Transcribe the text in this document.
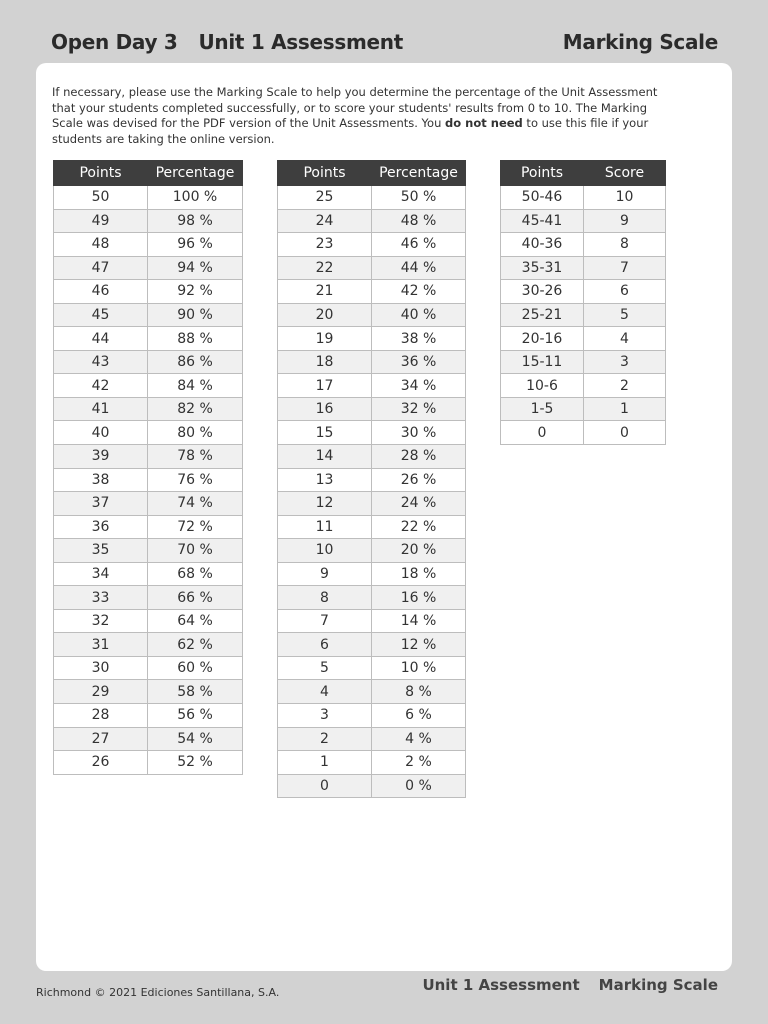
Open Day 3 Unit 1 Assessment	Marking Scale

If necessary, please use the Marking Scale to help you determine the percentage of the Unit Assessment that your students completed successfully, or to score your students' results from 0 to 10. The Marking Scale was devised for the PDF version of the Unit Assessments. You do not need to use this file if your students are taking the online version.

Points	Percentage
50	100 %
49	98 %
48	96 %
47	94 %
46	92 %
45	90 %
44	88 %
43	86 %
42	84 %
41	82 %
40	80 %
39	78 %
38	76 %
37	74 %
36	72 %
35	70 %
34	68 %
33	66 %
32	64 %
31	62 %
30	60 %
29	58 %
28	56 %
27	54 %
26	52 %
Points	Percentage
25	50 %
24	48 %
23	46 %
22	44 %
21	42 %
20	40 %
19	38 %
18	36 %
17	34 %
16	32 %
15	30 %
14	28 %
13	26 %
12	24 %
11	22 %
10	20 %
9	18 %
8	16 %
7	14 %
6	12 %
5	10 %
4	8 %
3	6 %
2	4 %
1	2 %
0	0 %
Points	Score
50-46	10
45-41	9
40-36	8
35-31	7
30-26	6
25-21	5
20-16	4
15-11	3
10-6	2
1-5	1
0	0
Richmond © 2021 Ediciones Santillana, S.A.	Unit 1 Assessment Marking Scale
